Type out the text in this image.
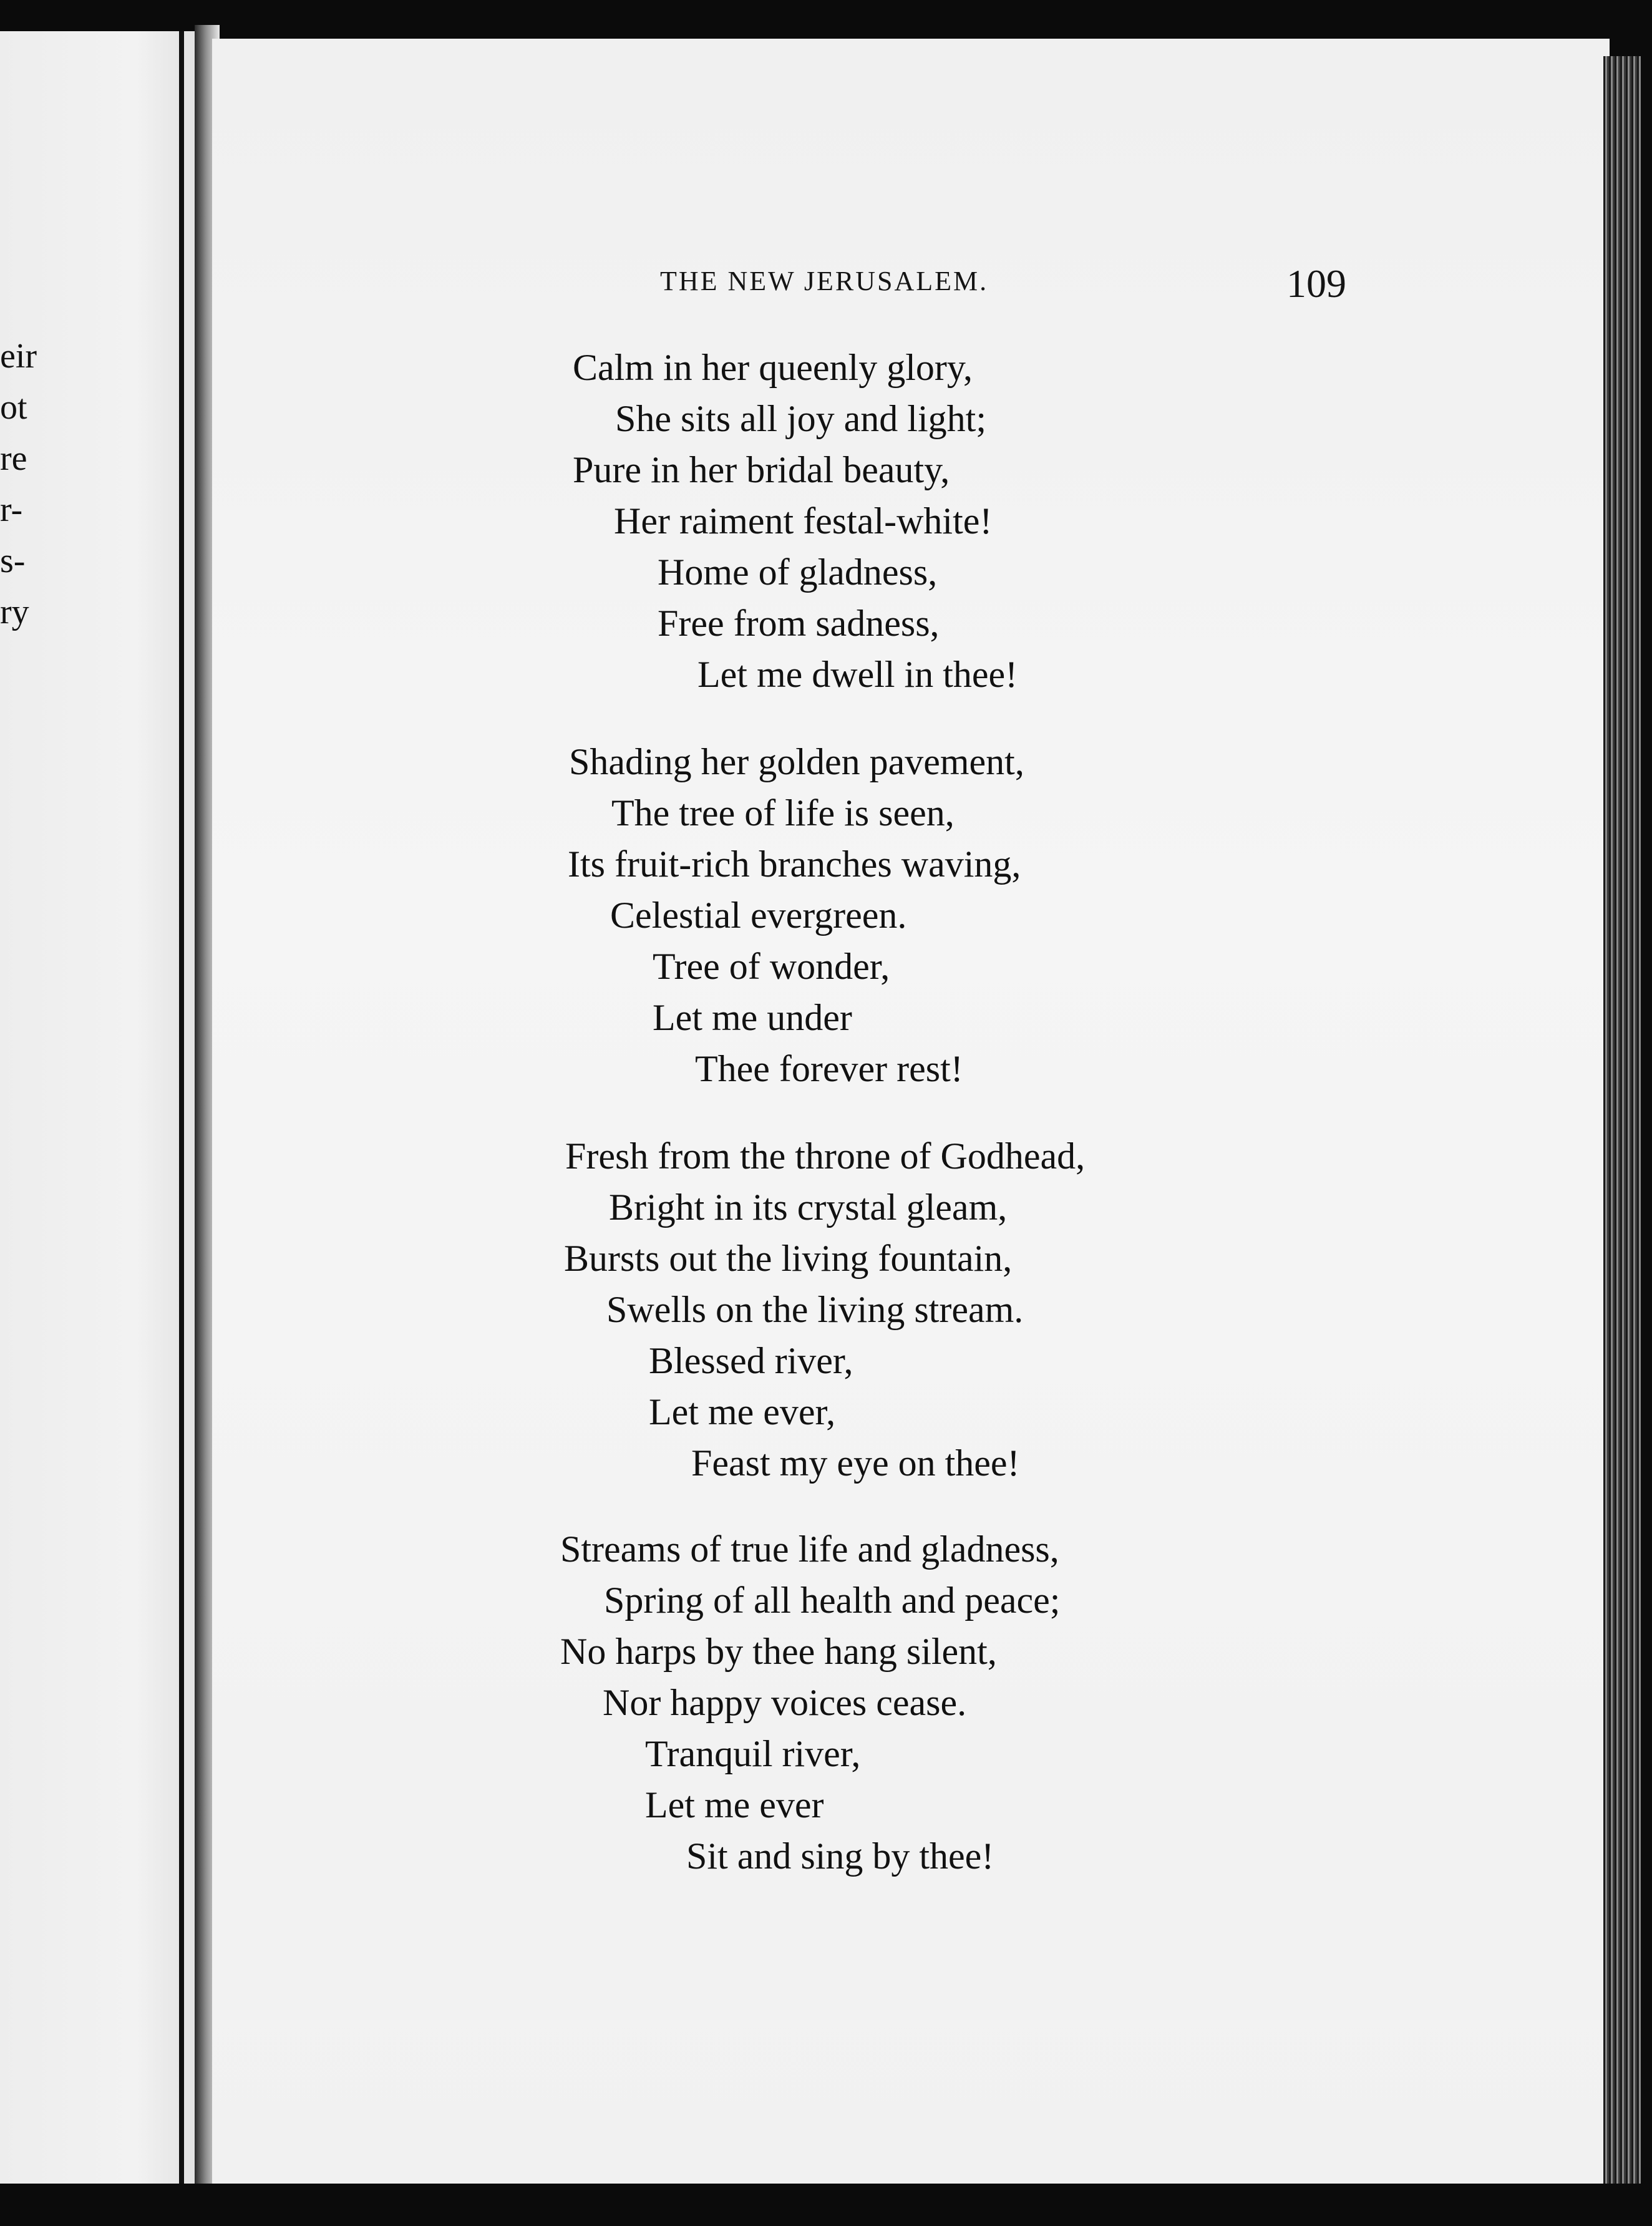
eir
ot
re
r-
s-
ry
THE NEW JERUSALEM.	109
Calm in her queenly glory,
She sits all joy and light;
Pure in her bridal beauty,
Her raiment festal-white!
Home of gladness,
Free from sadness,
Let me dwell in thee!
Shading her golden pavement,
The tree of life is seen,
Its fruit-rich branches waving,
Celestial evergreen.
Tree of wonder,
Let me under
Thee forever rest!
Fresh from the throne of Godhead,
Bright in its crystal gleam,
Bursts out the living fountain,
Swells on the living stream.
Blessed river,
Let me ever,
Feast my eye on thee!
Streams of true life and gladness,
Spring of all health and peace;
No harps by thee hang silent,
Nor happy voices cease.
Tranquil river,
Let me ever
Sit and sing by thee!
